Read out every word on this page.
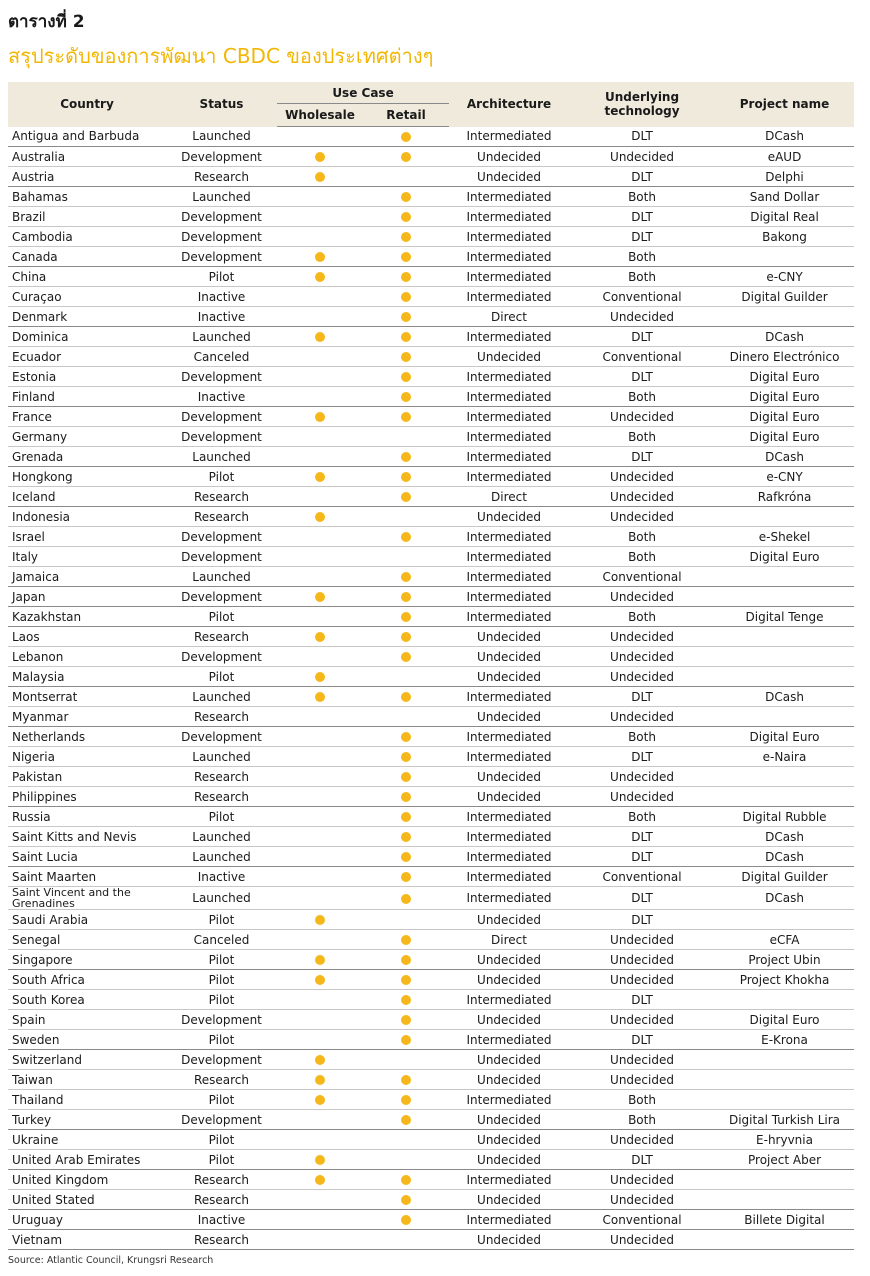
ตารางที่ 2
สรุประดับของการพัฒนา CBDC ของประเทศต่างๆ
Country	Status	Use Case		Architecture	Underlying technology	Project name
		Wholesale	Retail			
Antigua and Barbuda	Launched			Intermediated	DLT	DCash
Australia	Development			Undecided	Undecided	eAUD
Austria	Research			Undecided	DLT	Delphi
Bahamas	Launched			Intermediated	Both	Sand Dollar
Brazil	Development			Intermediated	DLT	Digital Real
Cambodia	Development			Intermediated	DLT	Bakong
Canada	Development			Intermediated	Both	
China	Pilot			Intermediated	Both	e-CNY
Curaçao	Inactive			Intermediated	Conventional	Digital Guilder
Denmark	Inactive			Direct	Undecided	
Dominica	Launched			Intermediated	DLT	DCash
Ecuador	Canceled			Undecided	Conventional	Dinero Electrónico
Estonia	Development			Intermediated	DLT	Digital Euro
Finland	Inactive			Intermediated	Both	Digital Euro
France	Development			Intermediated	Undecided	Digital Euro
Germany	Development			Intermediated	Both	Digital Euro
Grenada	Launched			Intermediated	DLT	DCash
Hongkong	Pilot			Intermediated	Undecided	e-CNY
Iceland	Research			Direct	Undecided	Rafkróna
Indonesia	Research			Undecided	Undecided	
Israel	Development			Intermediated	Both	e-Shekel
Italy	Development			Intermediated	Both	Digital Euro
Jamaica	Launched			Intermediated	Conventional	
Japan	Development			Intermediated	Undecided	
Kazakhstan	Pilot			Intermediated	Both	Digital Tenge
Laos	Research			Undecided	Undecided	
Lebanon	Development			Undecided	Undecided	
Malaysia	Pilot			Undecided	Undecided	
Montserrat	Launched			Intermediated	DLT	DCash
Myanmar	Research			Undecided	Undecided	
Netherlands	Development			Intermediated	Both	Digital Euro
Nigeria	Launched			Intermediated	DLT	e-Naira
Pakistan	Research			Undecided	Undecided	
Philippines	Research			Undecided	Undecided	
Russia	Pilot			Intermediated	Both	Digital Rubble
Saint Kitts and Nevis	Launched			Intermediated	DLT	DCash
Saint Lucia	Launched			Intermediated	DLT	DCash
Saint Maarten	Inactive			Intermediated	Conventional	Digital Guilder
Saint Vincent and the Grenadines	Launched			Intermediated	DLT	DCash
Saudi Arabia	Pilot			Undecided	DLT	
Senegal	Canceled			Direct	Undecided	eCFA
Singapore	Pilot			Undecided	Undecided	Project Ubin
South Africa	Pilot			Undecided	Undecided	Project Khokha
South Korea	Pilot			Intermediated	DLT	
Spain	Development			Undecided	Undecided	Digital Euro
Sweden	Pilot			Intermediated	DLT	E-Krona
Switzerland	Development			Undecided	Undecided	
Taiwan	Research			Undecided	Undecided	
Thailand	Pilot			Intermediated	Both	
Turkey	Development			Undecided	Both	Digital Turkish Lira
Ukraine	Pilot			Undecided	Undecided	E-hryvnia
United Arab Emirates	Pilot			Undecided	DLT	Project Aber
United Kingdom	Research			Intermediated	Undecided	
United Stated	Research			Undecided	Undecided	
Uruguay	Inactive			Intermediated	Conventional	Billete Digital
Vietnam	Research			Undecided	Undecided	
Source: Atlantic Council, Krungsri Research
